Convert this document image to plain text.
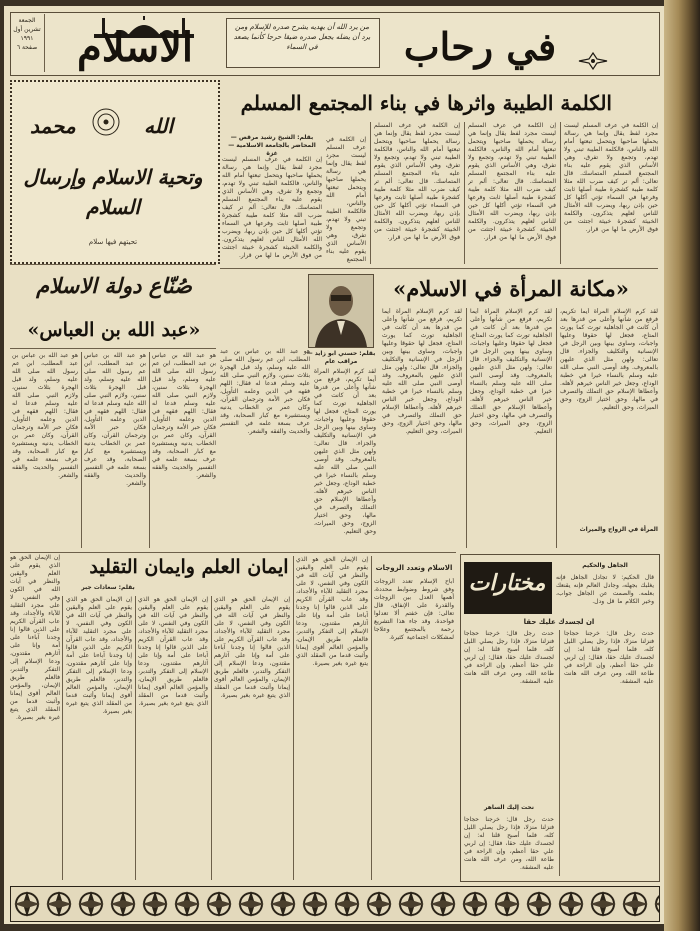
الجمعة
تشرين أول
١٩٩١
صفحة ٦ الاسلام	من يرد الله أن يهديه يشرح صدره للإسلام ومن يرد أن يضله يجعل صدره ضيقا حرجا كأنما يصعد في السماء	في رحاب
محمد	الله
وتحية الاسلام وإرسال السلام
تحيتهم فيها سلام
الكلمة الطيبة واثرها في بناء المجتمع المسلم
بقلم: الشيخ رشيد مرقص — المحاضر بالجامعة الاسلامية — غزة
إن الكلمة في عرف المسلم ليست مجرد لفظ يقال وإنما هي رسالة يحملها صاحبها ويتحمل تبعتها أمام الله والناس، فالكلمة الطيبة تبني ولا تهدم، وتجمع ولا تفرق، وهي الأساس الذي يقوم عليه بناء المجتمع المسلم المتماسك. قال تعالى: ألم تر كيف ضرب الله مثلا كلمة طيبة كشجرة طيبة أصلها ثابت وفرعها في السماء تؤتي أكلها كل حين بإذن ربها، ويضرب الله الأمثال للناس لعلهم يتذكرون. والكلمة الخبيثة كشجرة خبيثة اجتثت من فوق الأرض ما لها من قرار.
إن الكلمة في عرف المسلم ليست مجرد لفظ يقال وإنما هي رسالة يحملها صاحبها ويتحمل تبعتها أمام الله والناس، فالكلمة الطيبة تبني ولا تهدم، وتجمع ولا تفرق، وهي الأساس الذي يقوم عليه بناء المجتمع المسلم المتماسك. قال تعالى: ألم تر كيف ضرب الله مثلا كلمة طيبة كشجرة طيبة أصلها ثابت وفرعها في السماء تؤتي أكلها كل حين بإذن ربها، ويضرب الله الأمثال للناس لعلهم يتذكرون. والكلمة الخبيثة كشجرة خبيثة اجتثت من فوق الأرض ما لها من قرار.
إن الكلمة في عرف المسلم ليست مجرد لفظ يقال وإنما هي رسالة يحملها صاحبها ويتحمل تبعتها أمام الله والناس، فالكلمة الطيبة تبني ولا تهدم، وتجمع ولا تفرق، وهي الأساس الذي يقوم عليه بناء المجتمع المسلم المتماسك. قال تعالى: ألم تر كيف ضرب الله مثلا كلمة طيبة كشجرة طيبة أصلها ثابت وفرعها في السماء تؤتي أكلها كل حين بإذن ربها، ويضرب الله الأمثال للناس لعلهم يتذكرون. والكلمة الخبيثة كشجرة خبيثة اجتثت من فوق الأرض ما لها من قرار.
إن الكلمة في عرف المسلم ليست مجرد لفظ يقال وإنما هي رسالة يحملها صاحبها ويتحمل تبعتها أمام الله والناس، فالكلمة الطيبة تبني ولا تهدم، وتجمع ولا تفرق، وهي الأساس الذي يقوم عليه بناء المجتمع
إن الكلمة في عرف المسلم ليست مجرد لفظ يقال وإنما هي رسالة يحملها صاحبها ويتحمل تبعتها أمام الله والناس، فالكلمة الطيبة تبني ولا تهدم، وتجمع ولا تفرق، وهي الأساس الذي يقوم عليه بناء المجتمع المسلم المتماسك. قال تعالى: ألم تر كيف ضرب الله مثلا كلمة طيبة كشجرة طيبة أصلها ثابت وفرعها في السماء تؤتي أكلها كل حين بإذن ربها، ويضرب الله الأمثال للناس لعلهم يتذكرون. والكلمة الخبيثة كشجرة خبيثة اجتثت من فوق الأرض ما لها من قرار.
صُنّاع دولة الاسلام
«عبد الله بن العباس»
هو عبد الله بن عباس بن عبد المطلب، ابن عم رسول الله صلى الله عليه وسلم، ولد قبل الهجرة بثلاث سنين، ولازم النبي صلى الله عليه وسلم فدعا له فقال: اللهم فقهه في الدين وعلمه التأويل، فكان حبر الأمة وترجمان القرآن، وكان عمر بن الخطاب يدنيه ويستشيره مع كبار الصحابة، وقد عرف بسعة علمه في التفسير والحديث والفقه والشعر.
هو عبد الله بن عباس بن عبد المطلب، ابن عم رسول الله صلى الله عليه وسلم، ولد قبل الهجرة بثلاث سنين، ولازم النبي صلى الله عليه وسلم فدعا له فقال: اللهم فقهه في الدين وعلمه التأويل، فكان حبر الأمة وترجمان القرآن، وكان عمر بن الخطاب يدنيه ويستشيره مع كبار الصحابة، وقد عرف بسعة علمه في التفسير والحديث والفقه والشعر.
هو عبد الله بن عباس بن عبد المطلب، ابن عم رسول الله صلى الله عليه وسلم، ولد قبل الهجرة بثلاث سنين، ولازم النبي صلى الله عليه وسلم فدعا له فقال: اللهم فقهه في الدين وعلمه التأويل، فكان حبر الأمة وترجمان القرآن، وكان عمر بن الخطاب يدنيه ويستشيره مع كبار الصحابة، وقد عرف بسعة علمه في التفسير والحديث والفقه والشعر.
هو عبد الله بن عباس بن عبد المطلب، ابن عم رسول الله صلى الله عليه وسلم، ولد قبل الهجرة بثلاث سنين، ولازم النبي صلى الله عليه وسلم فدعا له فقال: اللهم فقهه في الدين وعلمه التأويل، فكان حبر الأمة وترجمان القرآن، وكان عمر بن الخطاب يدنيه ويستشيره مع كبار الصحابة، وقد عرف بسعة علمه في التفسير والحديث والفقه والشعر.
«مكانة المرأة في الاسلام»
بقلم: حسني ابو زايد — مراقب عام
لقد كرم الإسلام المرأة أيما تكريم، فرفع من شأنها وأعلى من قدرها بعد أن كانت في الجاهلية تورث كما يورث المتاع، فجعل لها حقوقا وعليها واجبات، وساوى بينها وبين الرجل في الإنسانية والتكليف والجزاء. قال تعالى: ولهن مثل الذي عليهن بالمعروف. وقد أوصى النبي صلى الله عليه وسلم بالنساء خيرا في خطبة الوداع، وجعل خير الناس خيرهم لأهله. وأعطاها الإسلام حق التملك والتصرف في مالها، وحق اختيار الزوج، وحق الميراث، وحق التعليم.
لقد كرم الإسلام المرأة أيما تكريم، فرفع من شأنها وأعلى من قدرها بعد أن كانت في الجاهلية تورث كما يورث المتاع، فجعل لها حقوقا وعليها واجبات، وساوى بينها وبين الرجل في الإنسانية والتكليف والجزاء. قال تعالى: ولهن مثل الذي عليهن بالمعروف. وقد أوصى النبي صلى الله عليه وسلم بالنساء خيرا في خطبة الوداع، وجعل خير الناس خيرهم لأهله. وأعطاها الإسلام حق التملك والتصرف في مالها، وحق اختيار الزوج، وحق الميراث، وحق التعليم.
لقد كرم الإسلام المرأة أيما تكريم، فرفع من شأنها وأعلى من قدرها بعد أن كانت في الجاهلية تورث كما يورث المتاع، فجعل لها حقوقا وعليها واجبات، وساوى بينها وبين الرجل في الإنسانية والتكليف والجزاء. قال تعالى: ولهن مثل الذي عليهن بالمعروف. وقد أوصى النبي صلى الله عليه وسلم بالنساء خيرا في خطبة الوداع، وجعل خير الناس خيرهم لأهله. وأعطاها الإسلام حق التملك والتصرف في مالها، وحق اختيار الزوج، وحق الميراث، وحق التعليم.
لقد كرم الإسلام المرأة أيما تكريم، فرفع من شأنها وأعلى من قدرها بعد أن كانت في الجاهلية تورث كما يورث المتاع، فجعل لها حقوقا وعليها واجبات، وساوى بينها وبين الرجل في الإنسانية والتكليف والجزاء. قال تعالى: ولهن مثل الذي عليهن بالمعروف. وقد أوصى النبي صلى الله عليه وسلم بالنساء خيرا في خطبة الوداع، وجعل خير الناس خيرهم لأهله. وأعطاها الإسلام حق التملك والتصرف في مالها، وحق اختيار الزوج، وحق الميراث، وحق التعليم.	المرأة في الزواج والميراث
ايمان العلم وايمان التقليد
بقلم: سعادات جبر
إن الإيمان الحق هو الذي يقوم على العلم واليقين والنظر في آيات الله في الكون وفي النفس، لا على مجرد التقليد للآباء والأجداد، وقد عاب القرآن الكريم على الذين قالوا إنا وجدنا آباءنا على أمة وإنا على آثارهم مقتدون، ودعا الإسلام إلى التفكر والتدبر، فالعلم طريق الإيمان، والمؤمن العالم أقوى إيمانا وأثبت قدما من المقلد الذي يتبع غيره بغير بصيرة.
إن الإيمان الحق هو الذي يقوم على العلم واليقين والنظر في آيات الله في الكون وفي النفس، لا على مجرد التقليد للآباء والأجداد، وقد عاب القرآن الكريم على الذين قالوا إنا وجدنا آباءنا على أمة وإنا على آثارهم مقتدون، ودعا الإسلام إلى التفكر والتدبر، فالعلم طريق الإيمان، والمؤمن العالم أقوى إيمانا وأثبت قدما من المقلد الذي يتبع غيره بغير بصيرة.
إن الإيمان الحق هو الذي يقوم على العلم واليقين والنظر في آيات الله في الكون وفي النفس، لا على مجرد التقليد للآباء والأجداد، وقد عاب القرآن الكريم على الذين قالوا إنا وجدنا آباءنا على أمة وإنا على آثارهم مقتدون، ودعا الإسلام إلى التفكر والتدبر، فالعلم طريق الإيمان، والمؤمن العالم أقوى إيمانا وأثبت قدما من المقلد الذي يتبع غيره بغير بصيرة.
إن الإيمان الحق هو الذي يقوم على العلم واليقين والنظر في آيات الله في الكون وفي النفس، لا على مجرد التقليد للآباء والأجداد، وقد عاب القرآن الكريم على الذين قالوا إنا وجدنا آباءنا على أمة وإنا على آثارهم مقتدون، ودعا الإسلام إلى التفكر والتدبر، فالعلم طريق الإيمان، والمؤمن العالم أقوى إيمانا وأثبت قدما من المقلد الذي يتبع غيره بغير بصيرة.
إن الإيمان الحق هو الذي يقوم على العلم واليقين والنظر في آيات الله في الكون وفي النفس، لا على مجرد التقليد للآباء والأجداد، وقد عاب القرآن الكريم على الذين قالوا إنا وجدنا آباءنا على أمة وإنا على آثارهم مقتدون، ودعا الإسلام إلى التفكر والتدبر، فالعلم طريق الإيمان، والمؤمن العالم أقوى إيمانا وأثبت قدما من المقلد الذي يتبع غيره بغير بصيرة.
الاسلام وتعدد الزوجات
أباح الإسلام تعدد الزوجات وفق شروط وضوابط محددة، أهمها العدل بين الزوجات والقدرة على الإنفاق، قال تعالى: فإن خفتم ألا تعدلوا فواحدة. وقد جاء هذا التشريع رحمة بالمجتمع وعلاجا لمشكلات اجتماعية كثيرة.
مختارات
الجاهل والحكيم
قال الحكيم: لا تجادل الجاهل فإنه يغلبك بجهله، وجادل العالم فإنه يقنعك بعلمه. والصمت عن الجاهل جواب، وخير الكلام ما قل ودل.
ان لجسدك عليك حقا
حدث رجل قال: خرجنا حجاجا فنزلنا منزلا، فإذا رجل يصلي الليل كله، فلما أصبح قلنا له: إن لجسدك عليك حقا، فقال: إن لربي علي حقا أعظم، وإن الراحة في طاعة الله، ومن عرف الله هانت عليه المشقة.
حدث رجل قال: خرجنا حجاجا فنزلنا منزلا، فإذا رجل يصلي الليل كله، فلما أصبح قلنا له: إن لجسدك عليك حقا، فقال: إن لربي علي حقا أعظم، وإن الراحة في طاعة الله، ومن عرف الله هانت عليه المشقة.
نحت إليك الساهر
حدث رجل قال: خرجنا حجاجا فنزلنا منزلا، فإذا رجل يصلي الليل كله، فلما أصبح قلنا له: إن لجسدك عليك حقا، فقال: إن لربي علي حقا أعظم، وإن الراحة في طاعة الله، ومن عرف الله هانت عليه المشقة.
